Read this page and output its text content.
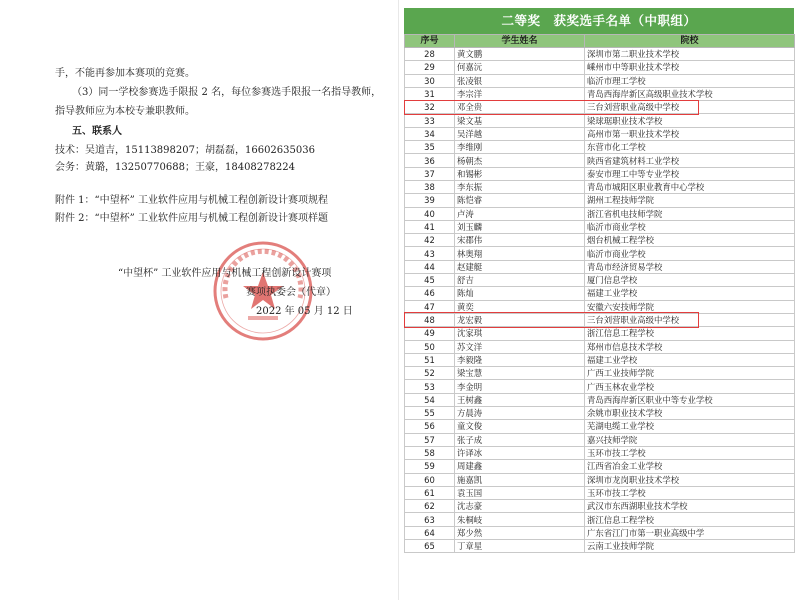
手，不能再参加本赛项的竞赛。
（3）同一学校参赛选手限报 2 名，每位参赛选手限报一名指导教师，
指导教师应为本校专兼职教师。
五、联系人
技术：吴道吉，15113898207；胡磊磊，16602635036
会务：黄璐，13250770688；王豪，18408278224
附件 1：“中望杯” 工业软件应用与机械工程创新设计赛项规程
附件 2：“中望杯” 工业软件应用与机械工程创新设计赛项样题
“中望杯” 工业软件应用与机械工程创新设计赛项
赛项执委会（代章）
2022 年 05 月 12 日
二等奖　获奖选手名单（中职组）
序号	学生姓名	院校
28	黄文鹏	深圳市第二职业技术学校
29	何嘉沅	嵊州市中等职业技术学校
30	张凌银	临沂市理工学校
31	李宗洋	青岛西海岸新区高级职业技术学校
32	邓全贵	三台刘营职业高级中学校
33	梁文基	梁球琚职业技术学校
34	吴洋越	高州市第一职业技术学校
35	李维刚	东营市化工学校
36	杨朝杰	陕西省建筑材料工业学校
37	和锡彬	泰安市理工中等专业学校
38	李东振	青岛市城阳区职业教育中心学校
39	陈恺睿	湖州工程技师学院
40	卢涛	浙江省机电技师学院
41	刘玉麟	临沂市商业学校
42	宋郡伟	烟台机械工程学校
43	林奥翔	临沂市商业学校
44	赵建艇	青岛市经济贸易学校
45	舒吉	厦门信息学校
46	陈灿	福建工业学校
47	黄奕	安徽六安技师学院
48	龙宏毅	三台刘营职业高级中学校
49	沈家琪	浙江信息工程学校
50	苏文洋	郑州市信息技术学校
51	李毅隆	福建工业学校
52	梁宝慧	广西工业技师学院
53	李金明	广西玉林农业学校
54	王树鑫	青岛西海岸新区职业中等专业学校
55	方晨涛	余姚市职业技术学校
56	童文俊	芜湖电缆工业学校
57	张子成	嘉兴技师学院
58	许译冰	玉环市技工学校
59	周建鑫	江西省冶金工业学校
60	施嘉凯	深圳市龙岗职业技术学校
61	袁玉国	玉环市技工学校
62	沈志豪	武汉市东西湖职业技术学校
63	朱桐岐	浙江信息工程学校
64	郑少然	广东省江门市第一职业高级中学
65	丁章星	云南工业技师学院
